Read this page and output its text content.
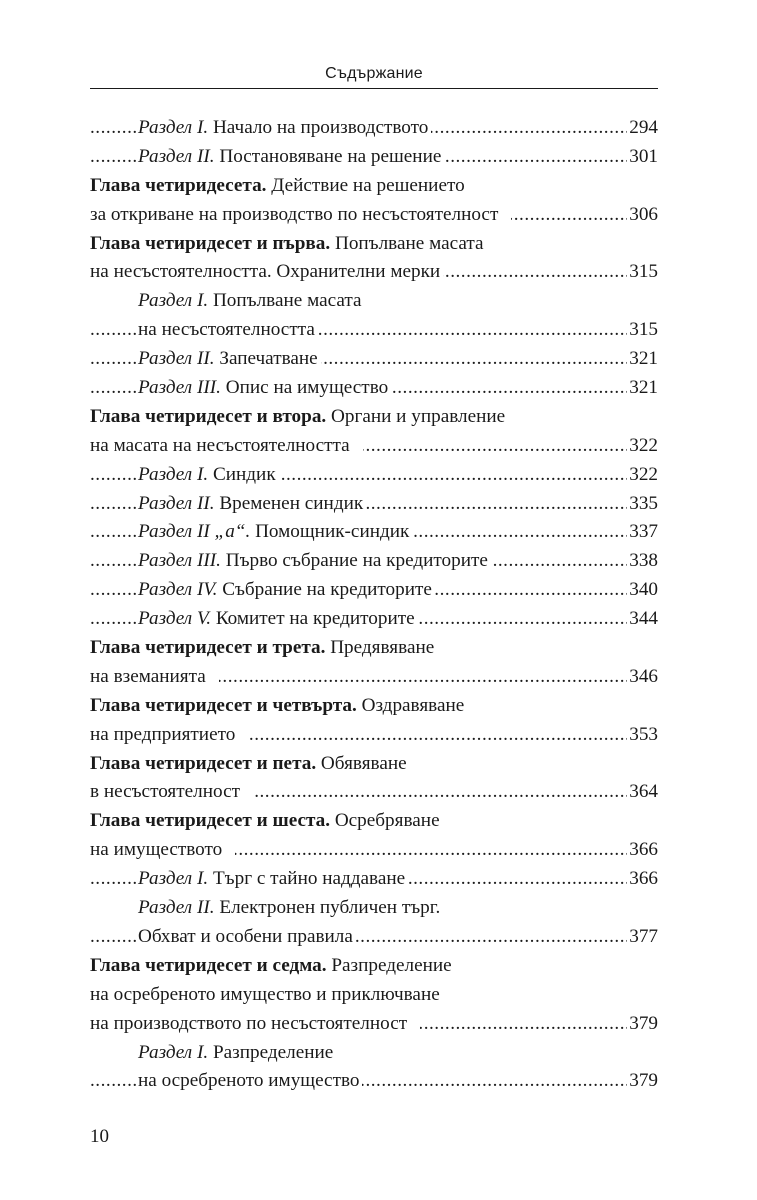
Съдържание
..... Раздел I. Начало на производството	294
..... Раздел II. Постановяване на решение	301
Глава четиридесета. Действие на решението
..... за откриване на производство по несъстоятелност	306
Глава четиридесет и първа. Попълване масата
..... на несъстоятелността. Охранителни мерки	315
Раздел I. Попълване масата
..... на несъстоятелността	315
..... Раздел II. Запечатване	321
..... Раздел III. Опис на имущество	321
Глава четиридесет и втора. Органи и управление
..... на масата на несъстоятелността	322
..... Раздел I. Синдик	322
..... Раздел II. Временен синдик	335
..... Раздел II „а“. Помощник-синдик	337
..... Раздел III. Първо събрание на кредиторите	338
..... Раздел IV. Събрание на кредиторите	340
..... Раздел V. Комитет на кредиторите	344
Глава четиридесет и трета. Предявяване
..... на вземанията	346
Глава четиридесет и четвърта. Оздравяване
..... на предприятието	353
Глава четиридесет и пета. Обявяване
..... в несъстоятелност	364
Глава четиридесет и шеста. Осребряване
..... на имуществото	366
..... Раздел I. Търг с тайно наддаване	366
Раздел II. Електронен публичен търг.
..... Обхват и особени правила	377
Глава четиридесет и седма. Разпределение
на осребреното имущество и приключване
..... на производството по несъстоятелност	379
Раздел I. Разпределение
..... на осребреното имущество	379
10
